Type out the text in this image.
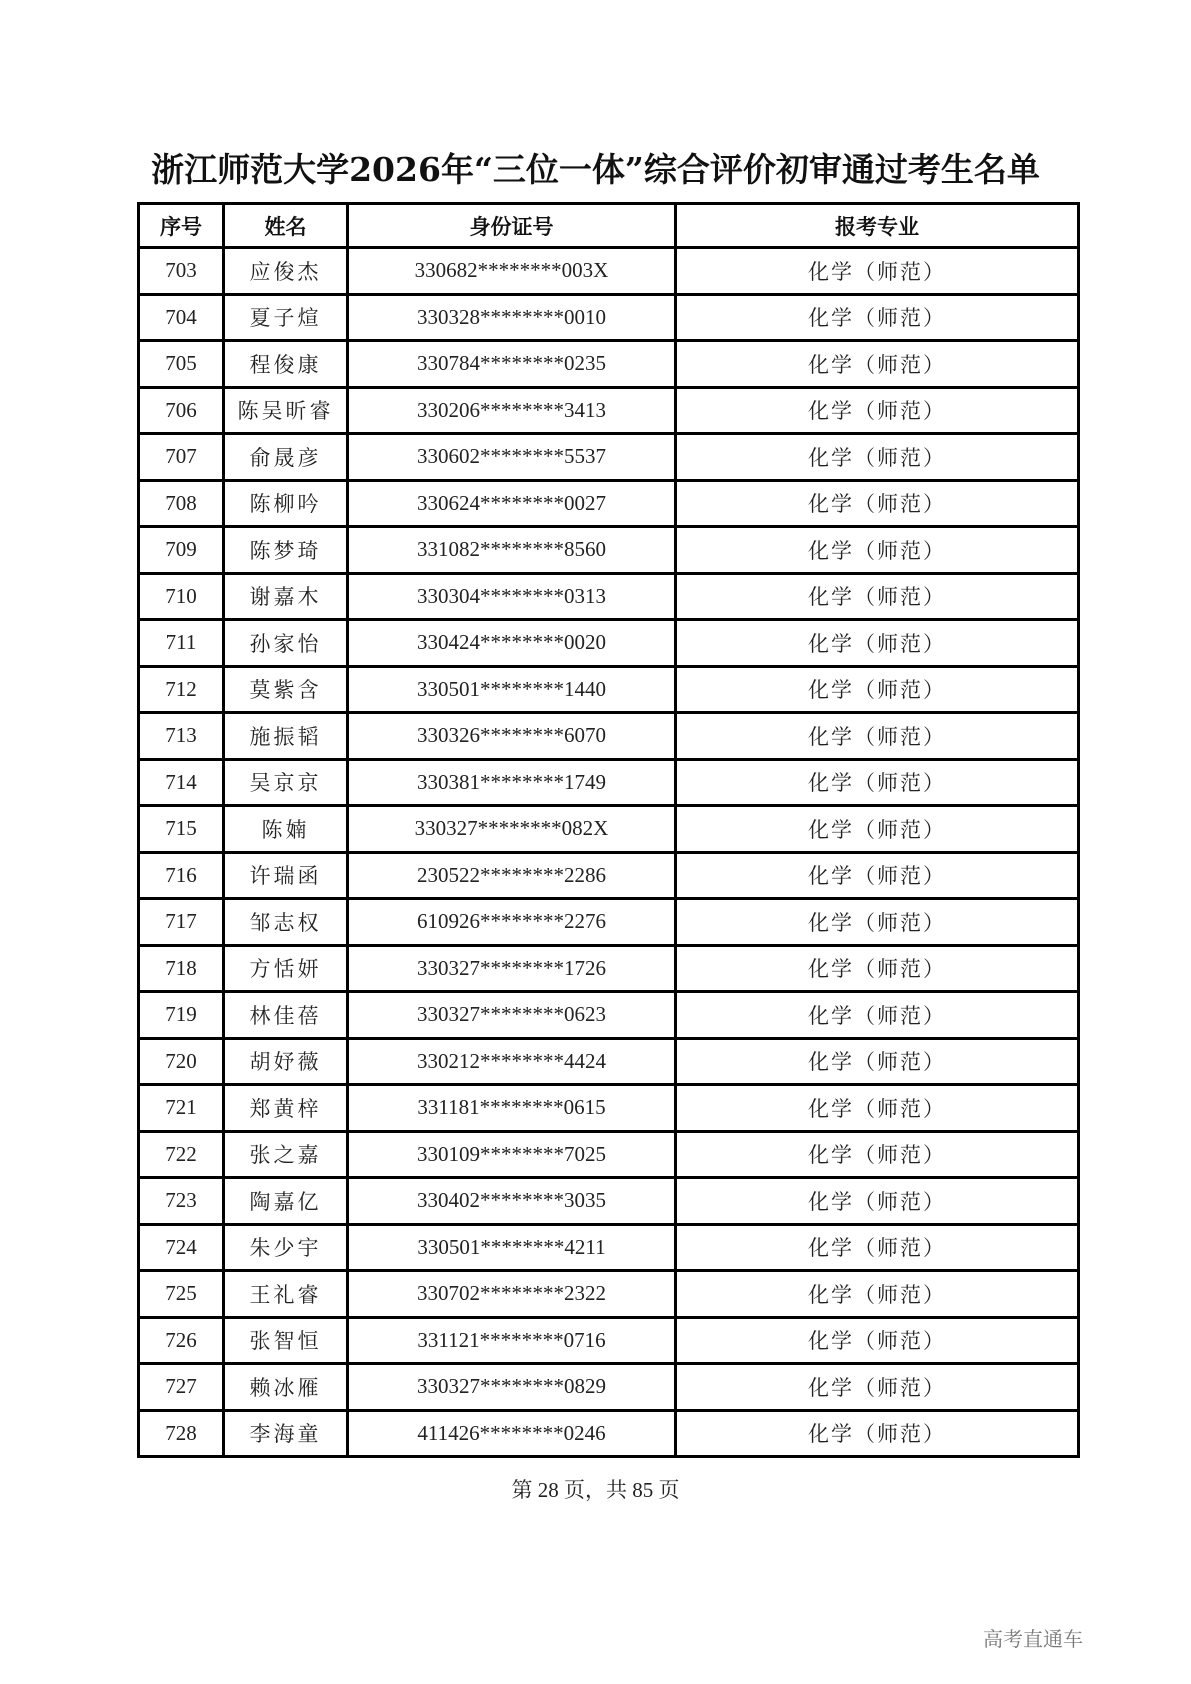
浙江师范大学2026年“三位一体”综合评价初审通过考生名单
序号	姓名	身份证号	报考专业
703	应俊杰	330682********003X	化学（师范）
704	夏子煊	330328********0010	化学（师范）
705	程俊康	330784********0235	化学（师范）
706	陈吴昕睿	330206********3413	化学（师范）
707	俞晟彦	330602********5537	化学（师范）
708	陈柳吟	330624********0027	化学（师范）
709	陈梦琦	331082********8560	化学（师范）
710	谢嘉木	330304********0313	化学（师范）
711	孙家怡	330424********0020	化学（师范）
712	莫紫含	330501********1440	化学（师范）
713	施振韬	330326********6070	化学（师范）
714	吴京京	330381********1749	化学（师范）
715	陈婻	330327********082X	化学（师范）
716	许瑞函	230522********2286	化学（师范）
717	邹志权	610926********2276	化学（师范）
718	方恬妍	330327********1726	化学（师范）
719	林佳蓓	330327********0623	化学（师范）
720	胡妤薇	330212********4424	化学（师范）
721	郑黄梓	331181********0615	化学（师范）
722	张之嘉	330109********7025	化学（师范）
723	陶嘉亿	330402********3035	化学（师范）
724	朱少宇	330501********4211	化学（师范）
725	王礼睿	330702********2322	化学（师范）
726	张智恒	331121********0716	化学（师范）
727	赖冰雁	330327********0829	化学（师范）
728	李海童	411426********0246	化学（师范）
第 28 页，共 85 页
高考直通车
